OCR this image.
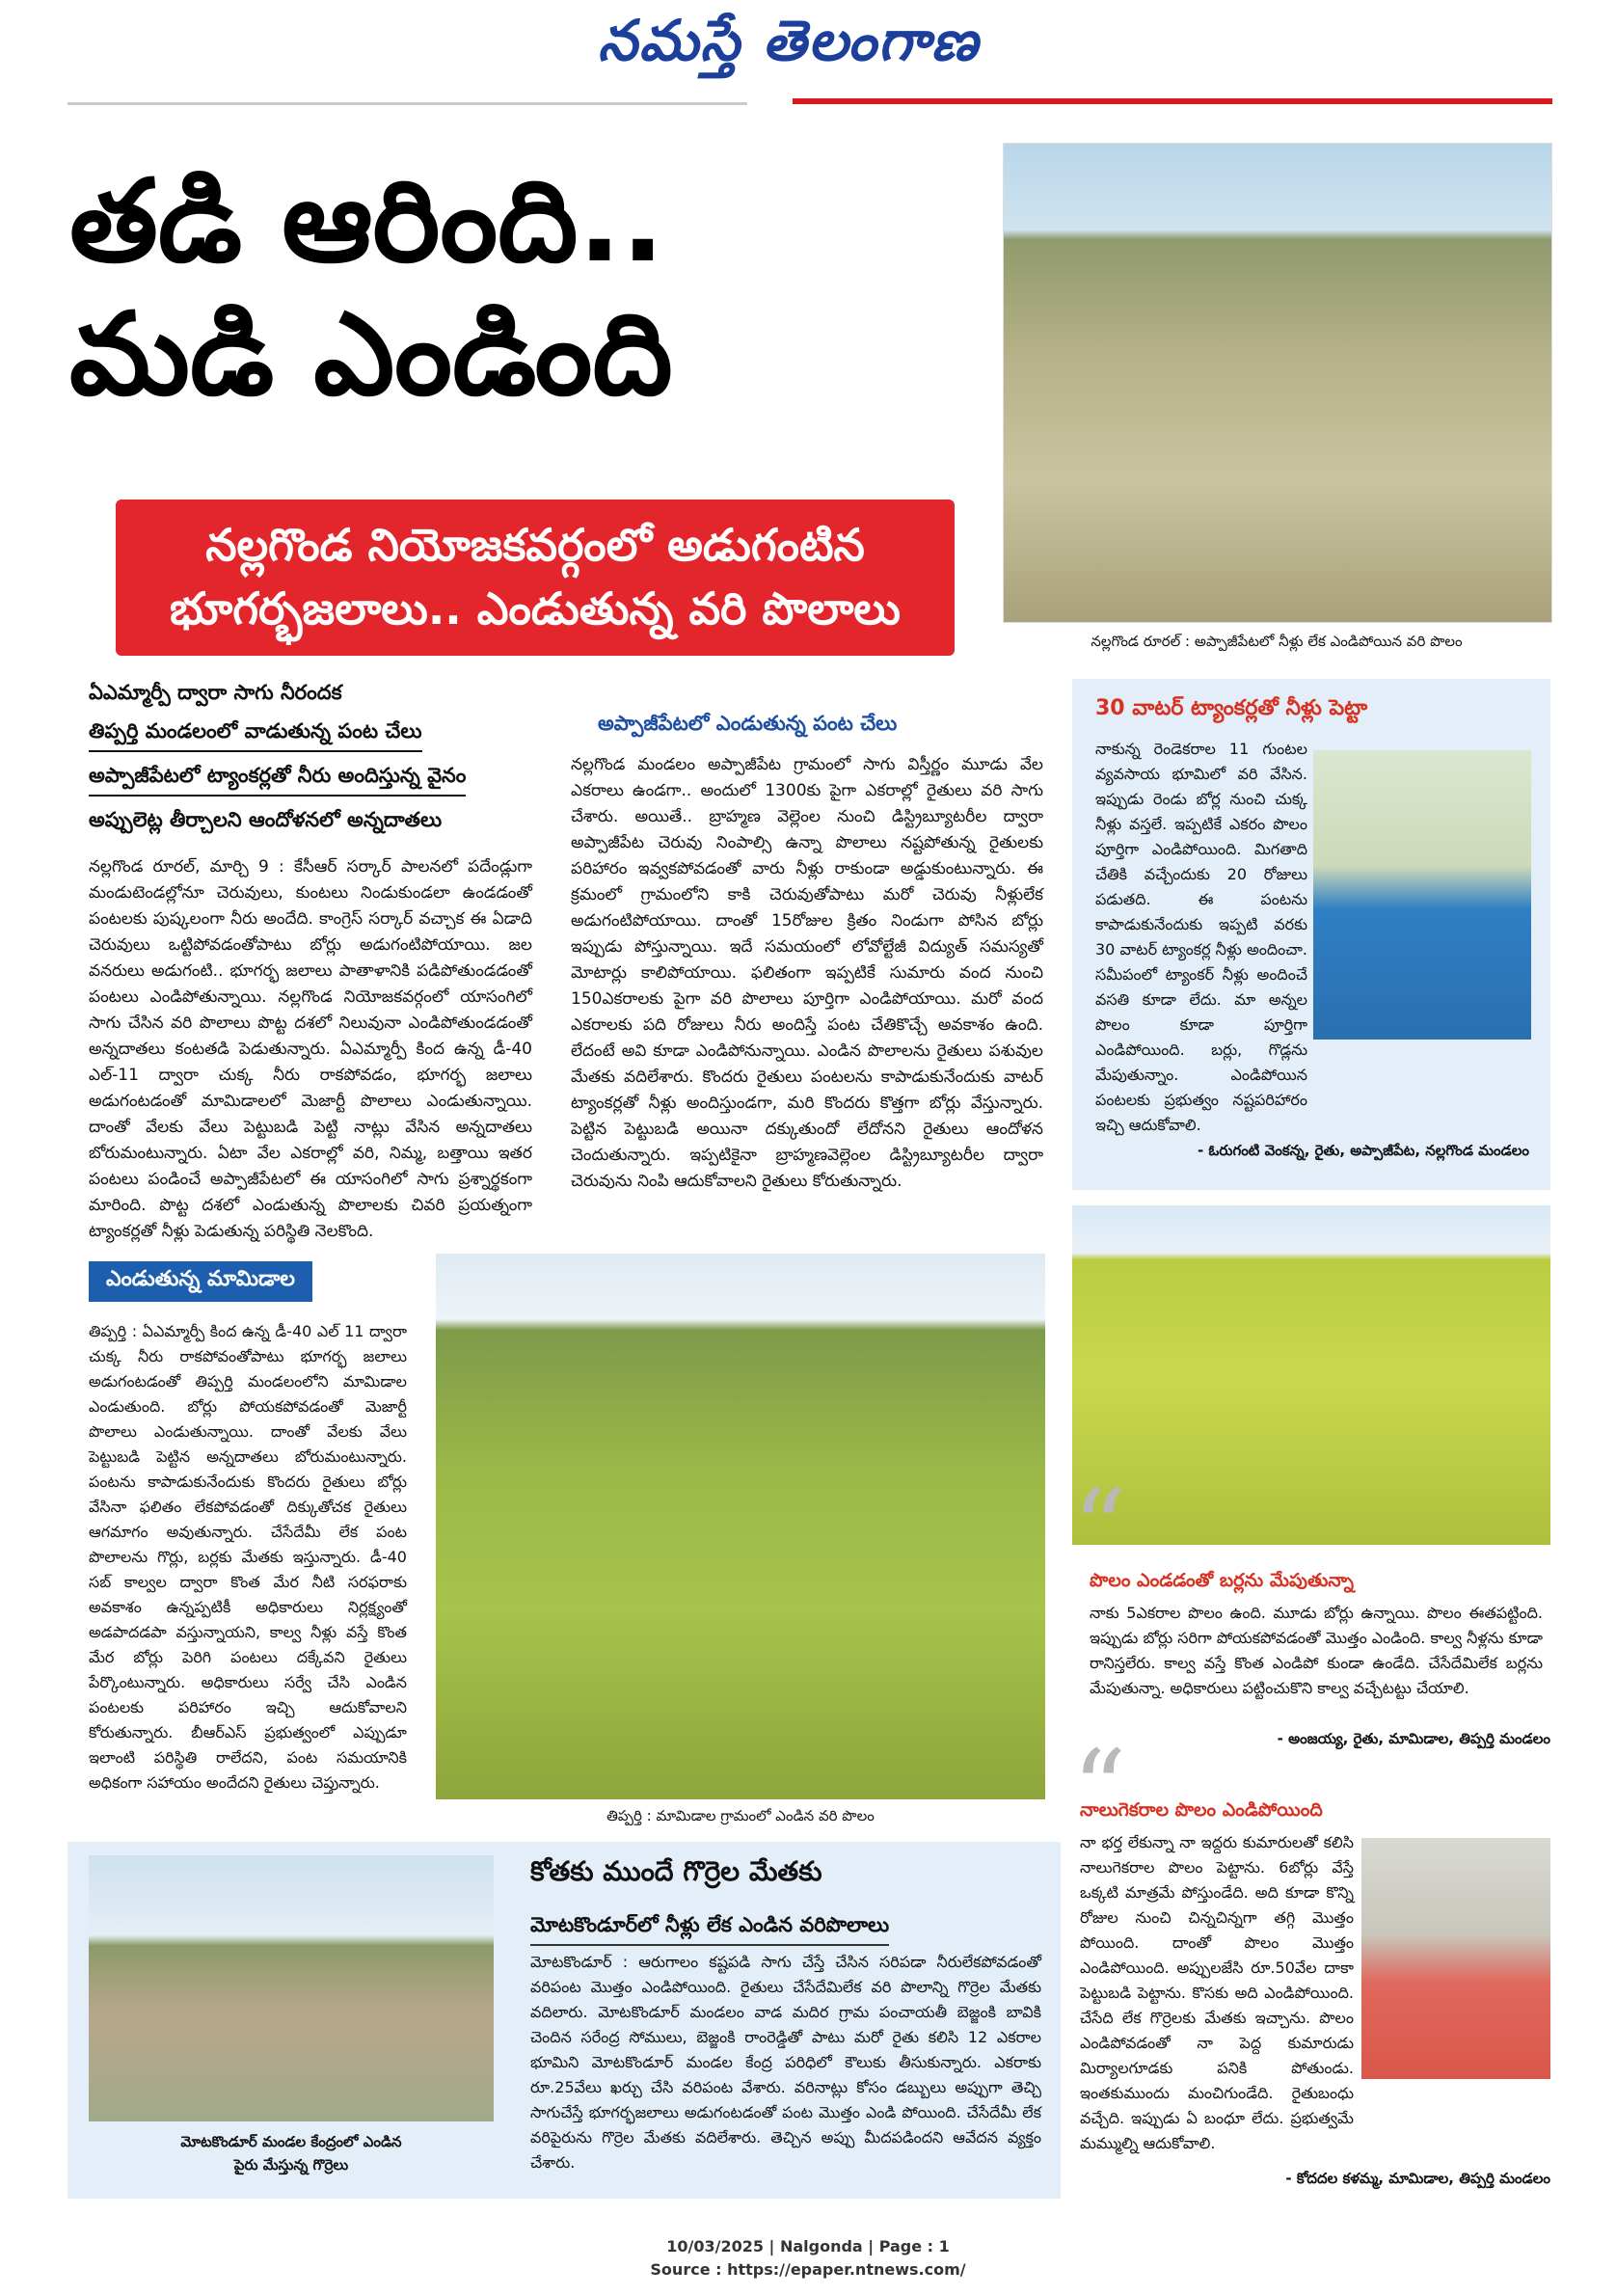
నమస్తే తెలంగాణ
తడి ఆరింది..
మడి ఎండింది
నల్లగొండ నియోజకవర్గంలో అడుగంటిన
భూగర్భజలాలు.. ఎండుతున్న వరి పొలాలు
నల్లగొండ రూరల్ : అప్పాజీపేటలో నీళ్లు లేక ఎండిపోయిన వరి పొలం
ఏఎమ్మార్పీ ద్వారా సాగు నీరందక
తిప్పర్తి మండలంలో వాడుతున్న పంట చేలు
అప్పాజీపేటలో ట్యాంకర్లతో నీరు అందిస్తున్న వైనం
అప్పులెట్ల తీర్చాలని ఆందోళనలో అన్నదాతలు
నల్లగొండ రూరల్, మార్చి 9 : కేసీఆర్ సర్కార్ పాలనలో పదేండ్లుగా మండుటెండల్లోనూ చెరువులు, కుంటలు నిండుకుండలా ఉండడంతో పంటలకు పుష్కలంగా నీరు అందేది. కాంగ్రెస్ సర్కార్ వచ్చాక ఈ ఏడాది చెరువులు ఒట్టిపోవడంతోపాటు బోర్లు అడుగంటిపోయాయి. జల వనరులు అడుగంటి.. భూగర్భ జలాలు పాతాళానికి పడిపోతుండడంతో పంటలు ఎండిపోతున్నాయి. నల్లగొండ నియోజకవర్గంలో యాసంగిలో సాగు చేసిన వరి పొలాలు పొట్ట దశలో నిలువునా ఎండిపోతుండడంతో అన్నదాతలు కంటతడి పెడుతున్నారు. ఏఎమ్మార్పీ కింద ఉన్న డీ-40 ఎల్-11 ద్వారా చుక్క నీరు రాకపోవడం, భూగర్భ జలాలు అడుగంటడంతో మామిడాలలో మెజార్టీ పొలాలు ఎండుతున్నాయి. దాంతో వేలకు వేలు పెట్టుబడి పెట్టి నాట్లు వేసిన అన్నదాతలు బోరుమంటున్నారు. ఏటా వేల ఎకరాల్లో వరి, నిమ్మ, బత్తాయి ఇతర పంటలు పండించే అప్పాజీపేటలో ఈ యాసంగిలో సాగు ప్రశ్నార్థకంగా మారింది. పొట్ట దశలో ఎండుతున్న పొలాలకు చివరి ప్రయత్నంగా ట్యాంకర్లతో నీళ్లు పెడుతున్న పరిస్థితి నెలకొంది.
అప్పాజీపేటలో ఎండుతున్న పంట చేలు
నల్లగొండ మండలం అప్పాజీపేట గ్రామంలో సాగు విస్తీర్ణం మూడు వేల ఎకరాలు ఉండగా.. అందులో 1300కు పైగా ఎకరాల్లో రైతులు వరి సాగు చేశారు. అయితే.. బ్రాహ్మణ వెల్లెంల నుంచి డిస్ట్రిబ్యూటరీల ద్వారా అప్పాజీపేట చెరువు నింపాల్సి ఉన్నా పొలాలు నష్టపోతున్న రైతులకు పరిహారం ఇవ్వకపోవడంతో వారు నీళ్లు రాకుండా అడ్డుకుంటున్నారు. ఈ క్రమంలో గ్రామంలోని కాకి చెరువుతోపాటు మరో చెరువు నీళ్లులేక అడుగంటిపోయాయి. దాంతో 15రోజుల క్రితం నిండుగా పోసిన బోర్లు ఇప్పుడు పోస్తున్నాయి. ఇదే సమయంలో లోవోల్టేజీ విద్యుత్ సమస్యతో మోటార్లు కాలిపోయాయి. ఫలితంగా ఇప్పటికే సుమారు వంద నుంచి 150ఎకరాలకు పైగా వరి పొలాలు పూర్తిగా ఎండిపోయాయి. మరో వంద ఎకరాలకు పది రోజులు నీరు అందిస్తే పంట చేతికొచ్చే అవకాశం ఉంది. లేదంటే అవి కూడా ఎండిపోనున్నాయి. ఎండిన పొలాలను రైతులు పశువుల మేతకు వదిలేశారు. కొందరు రైతులు పంటలను కాపాడుకునేందుకు వాటర్ ట్యాంకర్లతో నీళ్లు అందిస్తుండగా, మరి కొందరు కొత్తగా బోర్లు వేస్తున్నారు. పెట్టిన పెట్టుబడి అయినా దక్కుతుందో లేదోనని రైతులు ఆందోళన చెందుతున్నారు. ఇప్పటికైనా బ్రాహ్మణవెల్లెంల డిస్ట్రిబ్యూటరీల ద్వారా చెరువును నింపి ఆదుకోవాలని రైతులు కోరుతున్నారు.
30 వాటర్ ట్యాంకర్లతో నీళ్లు పెట్టా
నాకున్న రెండెకరాల 11 గుంటల వ్యవసాయ భూమిలో వరి వేసిన. ఇప్పుడు రెండు బోర్ల నుంచి చుక్క నీళ్లు వస్తలే. ఇప్పటికే ఎకరం పొలం పూర్తిగా ఎండిపోయింది. మిగతాది చేతికి వచ్చేందుకు 20 రోజులు పడుతది. ఈ పంటను కాపాడుకునేందుకు ఇప్పటి వరకు 30 వాటర్ ట్యాంకర్ల నీళ్లు అందించా. సమీపంలో ట్యాంకర్ నీళ్లు అందించే వసతి కూడా లేదు. మా అన్నల పొలం కూడా పూర్తిగా ఎండిపోయింది. బర్లు, గొడ్లను మేపుతున్నాం. ఎండిపోయిన పంటలకు ప్రభుత్వం నష్టపరిహారం ఇచ్చి ఆదుకోవాలి.
- ఓరుగంటి వెంకన్న, రైతు, అప్పాజీపేట, నల్లగొండ మండలం
ఎండుతున్న మామిడాల
తిప్పర్తి : ఏఎమ్మార్పీ కింద ఉన్న డీ-40 ఎల్ 11 ద్వారా చుక్క నీరు రాకపోవంతోపాటు భూగర్భ జలాలు అడుగంటడంతో తిప్పర్తి మండలంలోని మామిడాల ఎండుతుంది. బోర్లు పోయకపోవడంతో మెజార్టీ పొలాలు ఎండుతున్నాయి. దాంతో వేలకు వేలు పెట్టుబడి పెట్టిన అన్నదాతలు బోరుమంటున్నారు. పంటను కాపాడుకునేందుకు కొందరు రైతులు బోర్లు వేసినా ఫలితం లేకపోవడంతో దిక్కుతోచక రైతులు ఆగమాగం అవుతున్నారు. చేసేదేమీ లేక పంట పొలాలను గొర్లు, బర్లకు మేతకు ఇస్తున్నారు. డీ-40 సబ్ కాల్వల ద్వారా కొంత మేర నీటి సరఫరాకు అవకాశం ఉన్నప్పటికీ అధికారులు నిర్లక్ష్యంతో అడపాదడపా వస్తున్నాయని, కాల్వ నీళ్లు వస్తే కొంత మేర బోర్లు పెరిగి పంటలు దక్కేవని రైతులు పేర్కొంటున్నారు. అధికారులు సర్వే చేసి ఎండిన పంటలకు పరిహారం ఇచ్చి ఆదుకోవాలని కోరుతున్నారు. బీఆర్ఎస్ ప్రభుత్వంలో ఎప్పుడూ ఇలాంటి పరిస్థితి రాలేదని, పంట సమయానికి అధికంగా సహాయం అందేదని రైతులు చెప్తున్నారు.
తిప్పర్తి : మామిడాల గ్రామంలో ఎండిన వరి పొలం
“
పొలం ఎండడంతో బర్లను మేపుతున్నా
నాకు 5ఎకరాల పొలం ఉంది. మూడు బోర్లు ఉన్నాయి. పొలం ఈతపట్టింది. ఇప్పుడు బోర్లు సరిగా పోయకపోవడంతో మొత్తం ఎండింది. కాల్వ నీళ్లను కూడా రానిస్తలేరు. కాల్వ వస్తే కొంత ఎండిపో కుండా ఉండేది. చేసేదేమిలేక బర్లను మేపుతున్నా. అధికారులు పట్టించుకొని కాల్వ వచ్చేటట్టు చేయాలి.
- అంజయ్య, రైతు, మామిడాల, తిప్పర్తి మండలం
“
నాలుగెకరాల పొలం ఎండిపోయింది
నా భర్త లేకున్నా నా ఇద్దరు కుమారులతో కలిసి నాలుగెకరాల పొలం పెట్టాను. 6బోర్లు వేస్తే ఒక్కటి మాత్రమే పోస్తుండేది. అది కూడా కొన్ని రోజుల నుంచి చిన్నచిన్నగా తగ్గి మొత్తం పోయింది. దాంతో పొలం మొత్తం ఎండిపోయింది. అప్పులజేసి రూ.50వేల దాకా పెట్టుబడి పెట్టాను. కొసకు అది ఎండిపోయింది. చేసేది లేక గొర్రెలకు మేతకు ఇచ్చాను. పొలం ఎండిపోవడంతో నా పెద్ద కుమారుడు మిర్యాలగూడకు పనికి పోతుండు. ఇంతకుముందు మంచిగుండేది. రైతుబంధు వచ్చేది. ఇప్పుడు ఏ బంధూ లేదు. ప్రభుత్వమే మమ్ముల్ని ఆదుకోవాలి.
- కోదదల కళమ్మ, మామిడాల, తిప్పర్తి మండలం
మోటకొండూర్ మండల కేంద్రంలో ఎండిన
పైరు మేస్తున్న గొర్రెలు
కోతకు ముందే గొర్రెల మేతకు
మోటకొండూర్‌లో నీళ్లు లేక ఎండిన వరిపొలాలు
మోటకొండూర్ : ఆరుగాలం కష్టపడి సాగు చేస్తే చేసిన సరిపడా నీరులేకపోవడంతో వరిపంట మొత్తం ఎండిపోయింది. రైతులు చేసేదేమిలేక వరి పొలాన్ని గొర్రెల మేతకు వదిలారు. మోటకొండూర్ మండలం వాడ మదిర గ్రామ పంచాయతీ బెజ్జంకి బావికి చెందిన సరేంద్ర సోములు, బెజ్జంకి రాంరెడ్డితో పాటు మరో రైతు కలిసి 12 ఎకరాల భూమిని మోటకొండూర్ మండల కేంద్ర పరిధిలో కౌలుకు తీసుకున్నారు. ఎకరాకు రూ.25వేలు ఖర్చు చేసి వరిపంట వేశారు. వరినాట్లు కోసం డబ్బులు అప్పుగా తెచ్చి సాగుచేస్తే భూగర్భజలాలు అడుగంటడంతో పంట మొత్తం ఎండి పోయింది. చేసేదేమీ లేక వరిపైరును గొర్రెల మేతకు వదిలేశారు. తెచ్చిన అప్పు మీదపడిందని ఆవేదన వ్యక్తం చేశారు.
10/03/2025 | Nalgonda | Page : 1
Source : https://epaper.ntnews.com/
